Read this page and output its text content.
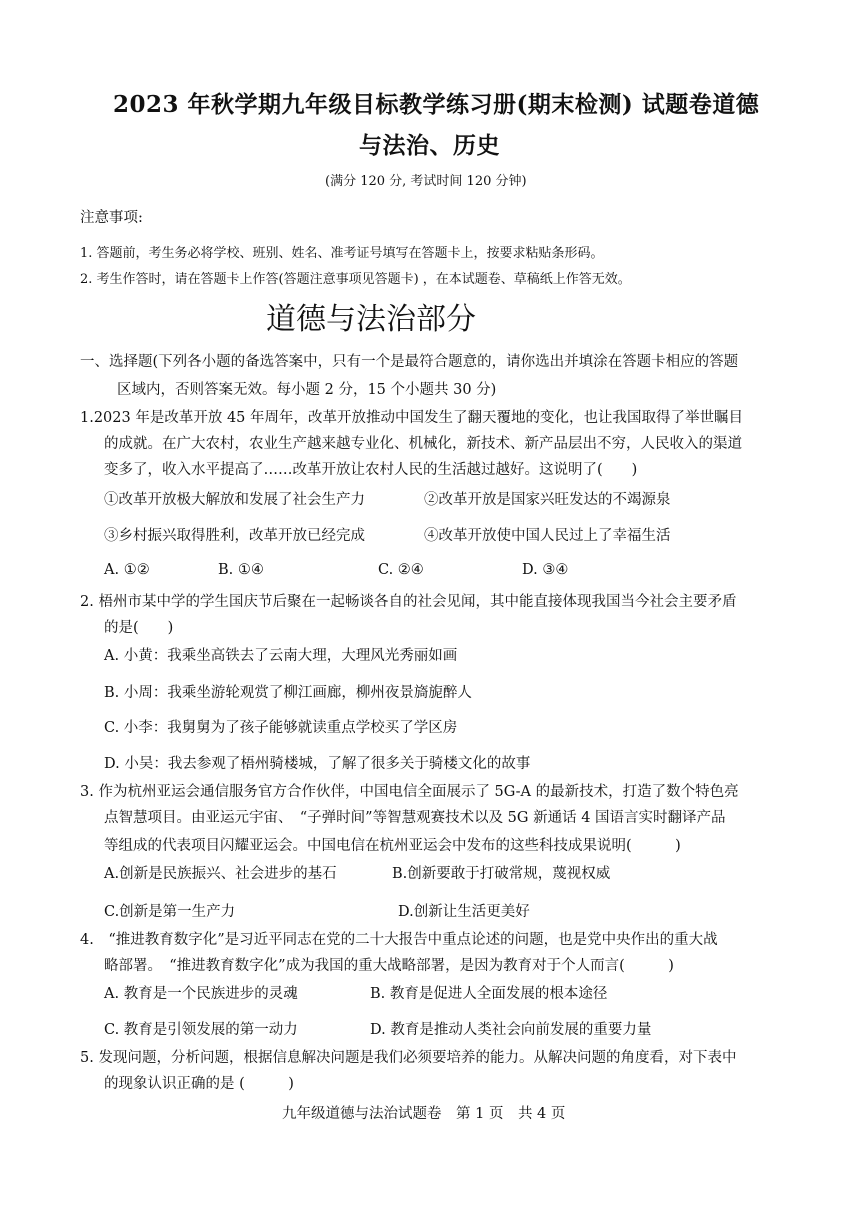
2023 年秋学期九年级目标教学练习册(期末检测) 试题卷道德
与法治、历史
(满分 120 分, 考试时间 120 分钟)
注意事项:
1. 答题前，考生务必将学校、班别、姓名、准考证号填写在答题卡上，按要求粘贴条形码。
2. 考生作答时，请在答题卡上作答(答题注意事项见答题卡) ，在本试题卷、草稿纸上作答无效。
道德与法治部分
一、选择题(下列各小题的备选答案中，只有一个是最符合题意的，请你选出并填涂在答题卡相应的答题
区域内，否则答案无效。每小题 2 分，15 个小题共 30 分)
1.2023 年是改革开放 45 年周年，改革开放推动中国发生了翻天覆地的变化，也让我国取得了举世瞩目
的成就。在广大农村，农业生产越来越专业化、机械化，新技术、新产品层出不穷，人民收入的渠道
变多了，收入水平提高了……改革开放让农村人民的生活越过越好。这说明了(　　)
①改革开放极大解放和发展了社会生产力	②改革开放是国家兴旺发达的不竭源泉
③乡村振兴取得胜利，改革开放已经完成	④改革开放使中国人民过上了幸福生活
A. ①②	B. ①④	C. ②④	D. ③④
2. 梧州市某中学的学生国庆节后聚在一起畅谈各自的社会见闻，其中能直接体现我国当今社会主要矛盾
的是(　　)
A. 小黄：我乘坐高铁去了云南大理，大理风光秀丽如画
B. 小周：我乘坐游轮观赏了柳江画廊，柳州夜景旖旎醉人
C. 小李：我舅舅为了孩子能够就读重点学校买了学区房
D. 小吴：我去参观了梧州骑楼城，了解了很多关于骑楼文化的故事
3. 作为杭州亚运会通信服务官方合作伙伴，中国电信全面展示了 5G-A 的最新技术，打造了数个特色亮
点智慧项目。由亚运元宇宙、　“子弹时间”等智慧观赛技术以及 5G 新通话 4 国语言实时翻译产品
等组成的代表项目闪耀亚运会。中国电信在杭州亚运会中发布的这些科技成果说明(　　　)
A.创新是民族振兴、社会进步的基石	B.创新要敢于打破常规，蔑视权威
C.创新是第一生产力	D.创新让生活更美好
4.　“推进教育数字化”是习近平同志在党的二十大报告中重点论述的问题，也是党中央作出的重大战
略部署。　“推进教育数字化”成为我国的重大战略部署，是因为教育对于个人而言(　　　)
A. 教育是一个民族进步的灵魂	B. 教育是促进人全面发展的根本途径
C. 教育是引领发展的第一动力	D. 教育是推动人类社会向前发展的重要力量
5. 发现问题，分析问题，根据信息解决问题是我们必须要培养的能力。从解决问题的角度看，对下表中
的现象认识正确的是 (　　　)
九年级道德与法治试题卷　第 1 页　共 4 页
